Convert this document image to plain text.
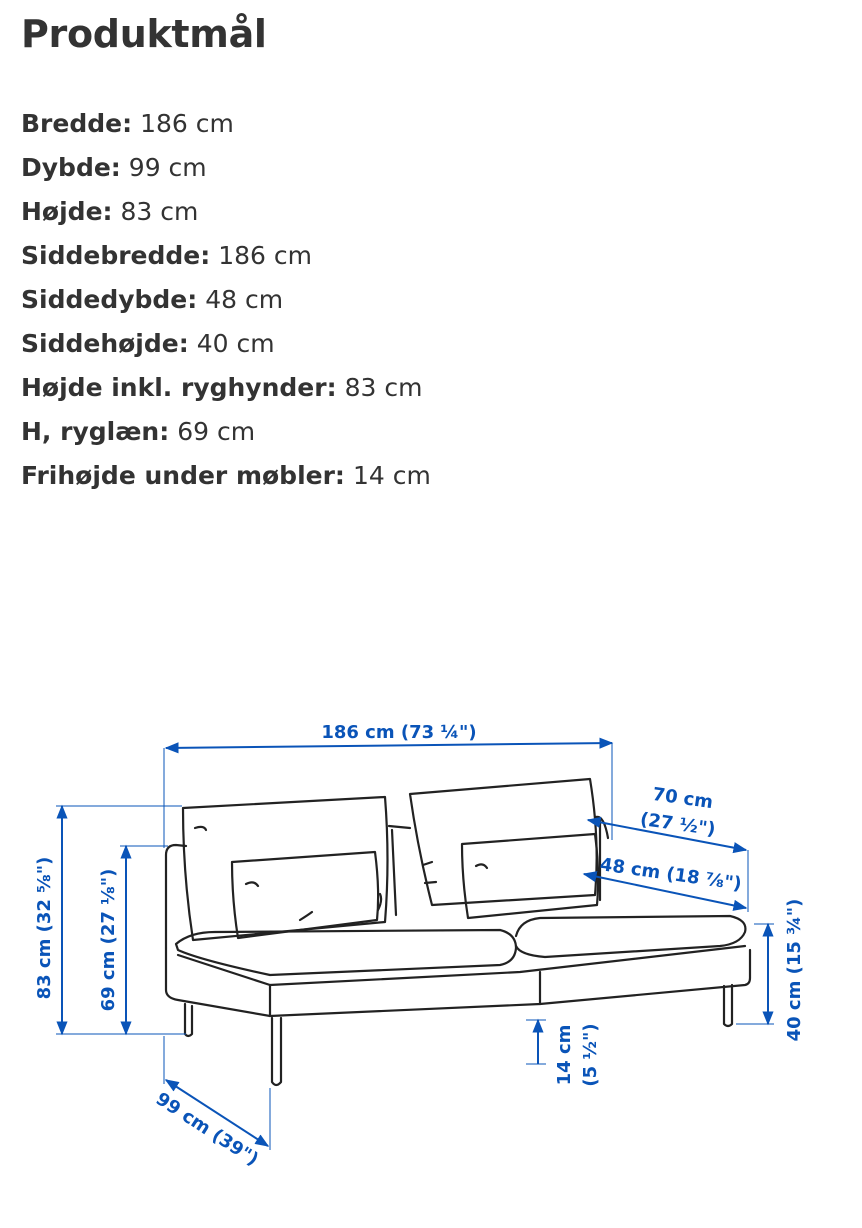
Produktmål
Bredde: 186 cm
Dybde: 99 cm
Højde: 83 cm
Siddebredde: 186 cm
Siddedybde: 48 cm
Siddehøjde: 40 cm
Højde inkl. ryghynder: 83 cm
H, ryglæn: 69 cm
Frihøjde under møbler: 14 cm
186 cm (73 ¼")
83 cm (32 ⅝") 69 cm (27 ⅛")
99 cm (39")
70 cm
(27 ½")
48 cm (18 ⅞")
40 cm (15 ¾")
14 cm (5 ½")
